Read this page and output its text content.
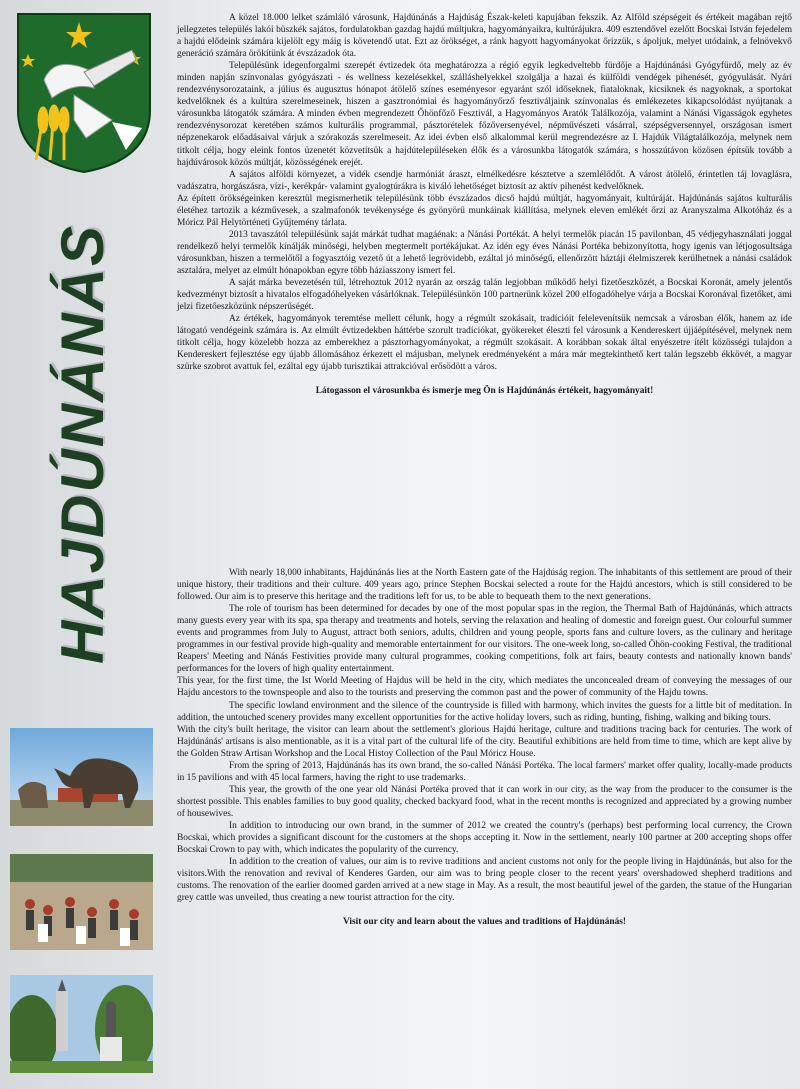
HAJDÚNÁNÁS

A közel 18.000 lelket számláló városunk, Hajdúnánás a Hajdúság Észak-keleti kapujában fekszik. Az Alföld szépségeit és értékeit magában rejtő jellegzetes település lakói büszkék sajátos, fordulatokban gazdag hajdú múltjukra, hagyományaikra, kultúrájukra. 409 esztendővel ezelőtt Bocskai István fejedelem a hajdú elődeink számára kijelölt egy máig is követendő utat. Ezt az örökséget, a ránk hagyott hagyományokat őrizzük, s ápoljuk, melyet utódaink, a felnövekvő generáció számára örökítünk át évszázadok óta.

Településünk idegenforgalmi szerepét évtizedek óta meghatározza a régió egyik legkedveltebb fürdője a Hajdúnánási Gyógyfürdő, mely az év minden napján színvonalas gyógyászati - és wellness kezelésekkel, szálláshelyekkel szolgálja a hazai és külföldi vendégek pihenését, gyógyulását. Nyári rendezvénysorozataink, a július és augusztus hónapot átölelő színes eseményesor egyaránt szól időseknek, fiataloknak, kicsiknek és nagyoknak, a sportokat kedvelőknek és a kultúra szerelmeseinek, hiszen a gasztronómiai és hagyományőrző fesztiváljaink színvonalas és emlékezetes kikapcsolódást nyújtanak a városunkba látogatók számára. A minden évben megrendezett Őhönfőző Fesztivál, a Hagyományos Aratók Találkozója, valamint a Nánási Vigasságok egyhetes rendezvénysorozat keretében számos kulturális programmal, pásztorételek főzőversenyével, népművészeti vásárral, szépségversennyel, országosan ismert népzenekarok előadásaival várjuk a szórakozás szerelmeseit. Az idei évben első alkalommal kerül megrendezésre az I. Hajdúk Világtalálkozója, melynek nem titkolt célja, hogy eleink fontos üzenetét közvetítsük a hajdútelepüléseken élők és a városunkba látogatók számára, s hosszútávon közösen építsük tovább a hajdúvárosok közös múltját, közösségének erejét.

A sajátos alföldi környezet, a vidék csendje harmóniát áraszt, elmélkedésre késztetve a szemlélődőt. A várost átölelő, érintetlen táj lovaglásra, vadászatra, horgászásra, vízi-, kerékpár- valamint gyalogtúrákra is kiváló lehetőséget biztosít az aktív pihenést kedvelőknek.

Az épített örökségeinken keresztül megismerhetik településünk több évszázados dicső hajdú múltját, hagyományait, kultúráját. Hajdúnánás sajátos kulturális életéhez tartozik a kézművesek, a szalmafonók tevékenysége és gyönyörű munkáinak kiállítása, melynek eleven emlékét őrzi az Aranyszalma Alkotóház és a Móricz Pál Helytörténeti Gyűjtemény tárlata.

2013 tavaszától településünk saját márkát tudhat magáénak: a Nánási Portékát. A helyi termelők piacán 15 pavilonban, 45 védjegyhasználati joggal rendelkező helyi termelők kínálják minőségi, helyben megtermelt portékájukat. Az idén egy éves Nánási Portéka bebizonyította, hogy igenis van létjogosultsága városunkban, hiszen a termelőtől a fogyasztóig vezető út a lehető legrövidebb, ezáltal jó minőségű, ellenőrzött háztáji élelmiszerek kerülhetnek a nánási családok asztalára, melyet az elmúlt hónapokban egyre több háziasszony ismert fel.

A saját márka bevezetésén túl, létrehoztuk 2012 nyarán az ország talán legjobban működő helyi fizetőeszközét, a Bocskai Koronát, amely jelentős kedvezményt biztosít a hivatalos elfogadóhelyeken vásárlóknak. Településünkön 100 partnerünk közel 200 elfogadóhelye várja a Bocskai Koronával fizetőket, ami jelzi fizetőeszközünk népszerűségét.

Az értékek, hagyományok teremtése mellett célunk, hogy a régmúlt szokásait, tradícióit felelevenítsük nemcsak a városban élők, hanem az ide látogató vendégeink számára is. Az elmúlt évtizedekben háttérbe szorult tradíciókat, gyökereket éleszti fel városunk a Kendereskert újjáépítésével, melynek nem titkolt célja, hogy közelebb hozza az emberekhez a pásztorhagyományokat, a régmúlt szokásait. A korábban sokak által enyészetre ítélt közösségi tulajdon a Kendereskert fejlesztése egy újabb állomásához érkezett el májusban, melynek eredményeként a mára már megtekinthető kert talán legszebb ékkövét, a magyar szürke szobrot avattuk fel, ezáltal egy újabb turisztikai attrakcióval erősödött a város.

Látogasson el városunkba és ismerje meg Ön is Hajdúnánás értékeit, hagyományait!

With nearly 18,000 inhabitants, Hajdúnánás lies at the North Eastern gate of the Hajdúság region. The inhabitants of this settlement are proud of their unique history, their traditions and their culture. 409 years ago, prince Stephen Bocskai selected a route for the Hajdú ancestors, which is still considered to be followed. Our aim is to preserve this heritage and the traditions left for us, to be able to bequeath them to the next generations.

The role of tourism has been determined for decades by one of the most popular spas in the region, the Thermal Bath of Hajdúnánás, which attracts many guests every year with its spa, spa therapy and treatments and hotels, serving the relaxation and healing of domestic and foreign guest. Our colourful summer events and programmes from July to August, attract both seniors, adults, children and young people, sports fans and culture lovers, as the culinary and heritage programmes in our festival provide high-quality and memorable entertainment for our visitors. The one-week long, so-called Öhön-cooking Festival, the traditional Reapers' Meeting and Nánás Festivities provide many cultural programmes, cooking competitions, folk art fairs, beauty contests and nationally known bands' performances for the lovers of high quality entertainment.

This year, for the first time, the Ist World Meeting of Hajdus will be held in the city, which mediates the unconcealed dream of conveying the messages of our Hajdu ancestors to the townspeople and also to the tourists and preserving the common past and the power of community of the Hajdu towns.

The specific lowland environment and the silence of the countryside is filled with harmony, which invites the guests for a little bit of meditation. In addition, the untouched scenery provides many excellent opportunities for the active holiday lovers, such as riding, hunting, fishing, walking and biking tours.

With the city's built heritage, the visitor can learn about the settlement's glorious Hajdú heritage, culture and traditions tracing back for centuries. The work of Hajdúnánás' artisans is also mentionable, as it is a vital part of the cultural life of the city. Beautiful exhibitions are held from time to time, which are kept alive by the Golden Straw Artisan Workshop and the Local Histoy Collection of the Paul Móricz House.

From the spring of 2013, Hajdúnánás has its own brand, the so-called Nánási Portéka. The local farmers' market offer quality, locally-made products in 15 pavilions and with 45 local farmers, having the right to use trademarks.

This year, the growth of the one year old Nánási Portéka proved that it can work in our city, as the way from the producer to the consumer is the shortest possible. This enables families to buy good quality, checked backyard food, what in the recent months is recognized and appreciated by a growing number of housewives.

In addition to introducing our own brand, in the summer of 2012 we created the country's (perhaps) best performing local currency, the Crown Bocskai, which provides a significant discount for the customers at the shops accepting it. Now in the settlement, nearly 100 partner at 200 accepting shops offer Bocskai Crown to pay with, which indicates the popularity of the currency.

In addition to the creation of values, our aim is to revive traditions and ancient customs not only for the people living in Hajdúnánás, but also for the visitors.With the renovation and revival of Kenderes Garden, our aim was to bring people closer to the recent years' overshadowed shepherd traditions and customs. The renovation of the earlier doomed garden arrived at a new stage in May. As a result, the most beautiful jewel of the garden, the statue of the Hungarian grey cattle was unveiled, thus creating a new tourist attraction for the city.

Visit our city and learn about the values and traditions of Hajdúnánás!
